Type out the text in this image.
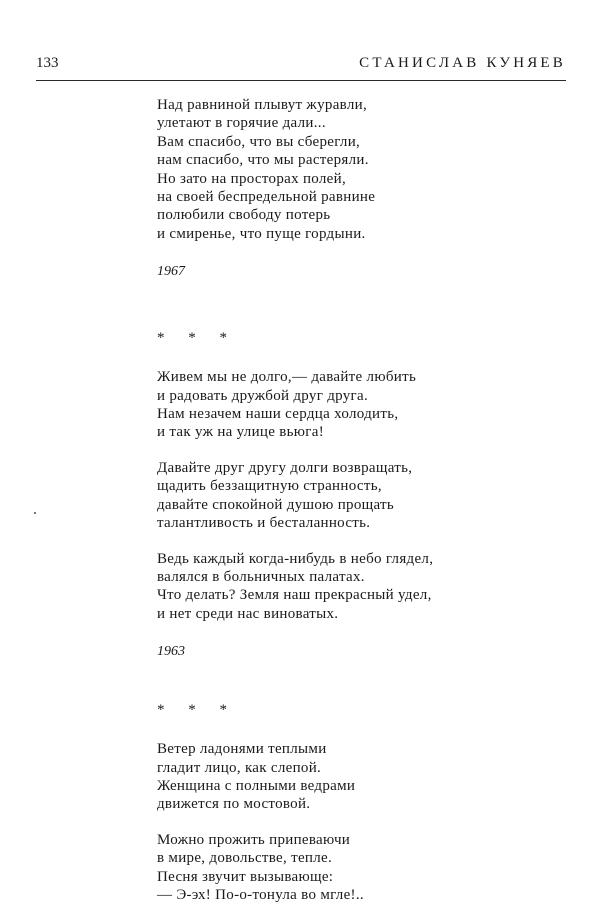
133	СТАНИСЛАВ КУНЯЕВ
Над равниной плывут журавли,
улетают в горячие дали...
Вам спасибо, что вы сберегли,
нам спасибо, что мы растеряли.
Но зато на просторах полей,
на своей беспредельной равнине
полюбили свободу потерь
и смиренье, что пуще гордыни.
1967
* * *
Живем мы не долго,— давайте любить
и радовать дружбой друг друга.
Нам незачем наши сердца холодить,
и так уж на улице вьюга!
Давайте друг другу долги возвращать,
щадить беззащитную странность,
давайте спокойной душою прощать
талантливость и бесталанность.
Ведь каждый когда-нибудь в небо глядел,
валялся в больничных палатах.
Что делать? Земля наш прекрасный удел,
и нет среди нас виноватых.
1963
* * *
Ветер ладонями теплыми
гладит лицо, как слепой.
Женщина с полными ведрами
движется по мостовой.
Можно прожить припеваючи
в мире, довольстве, тепле.
Песня звучит вызывающе:
— Э-эх! По-о-тонула во мгле!..
